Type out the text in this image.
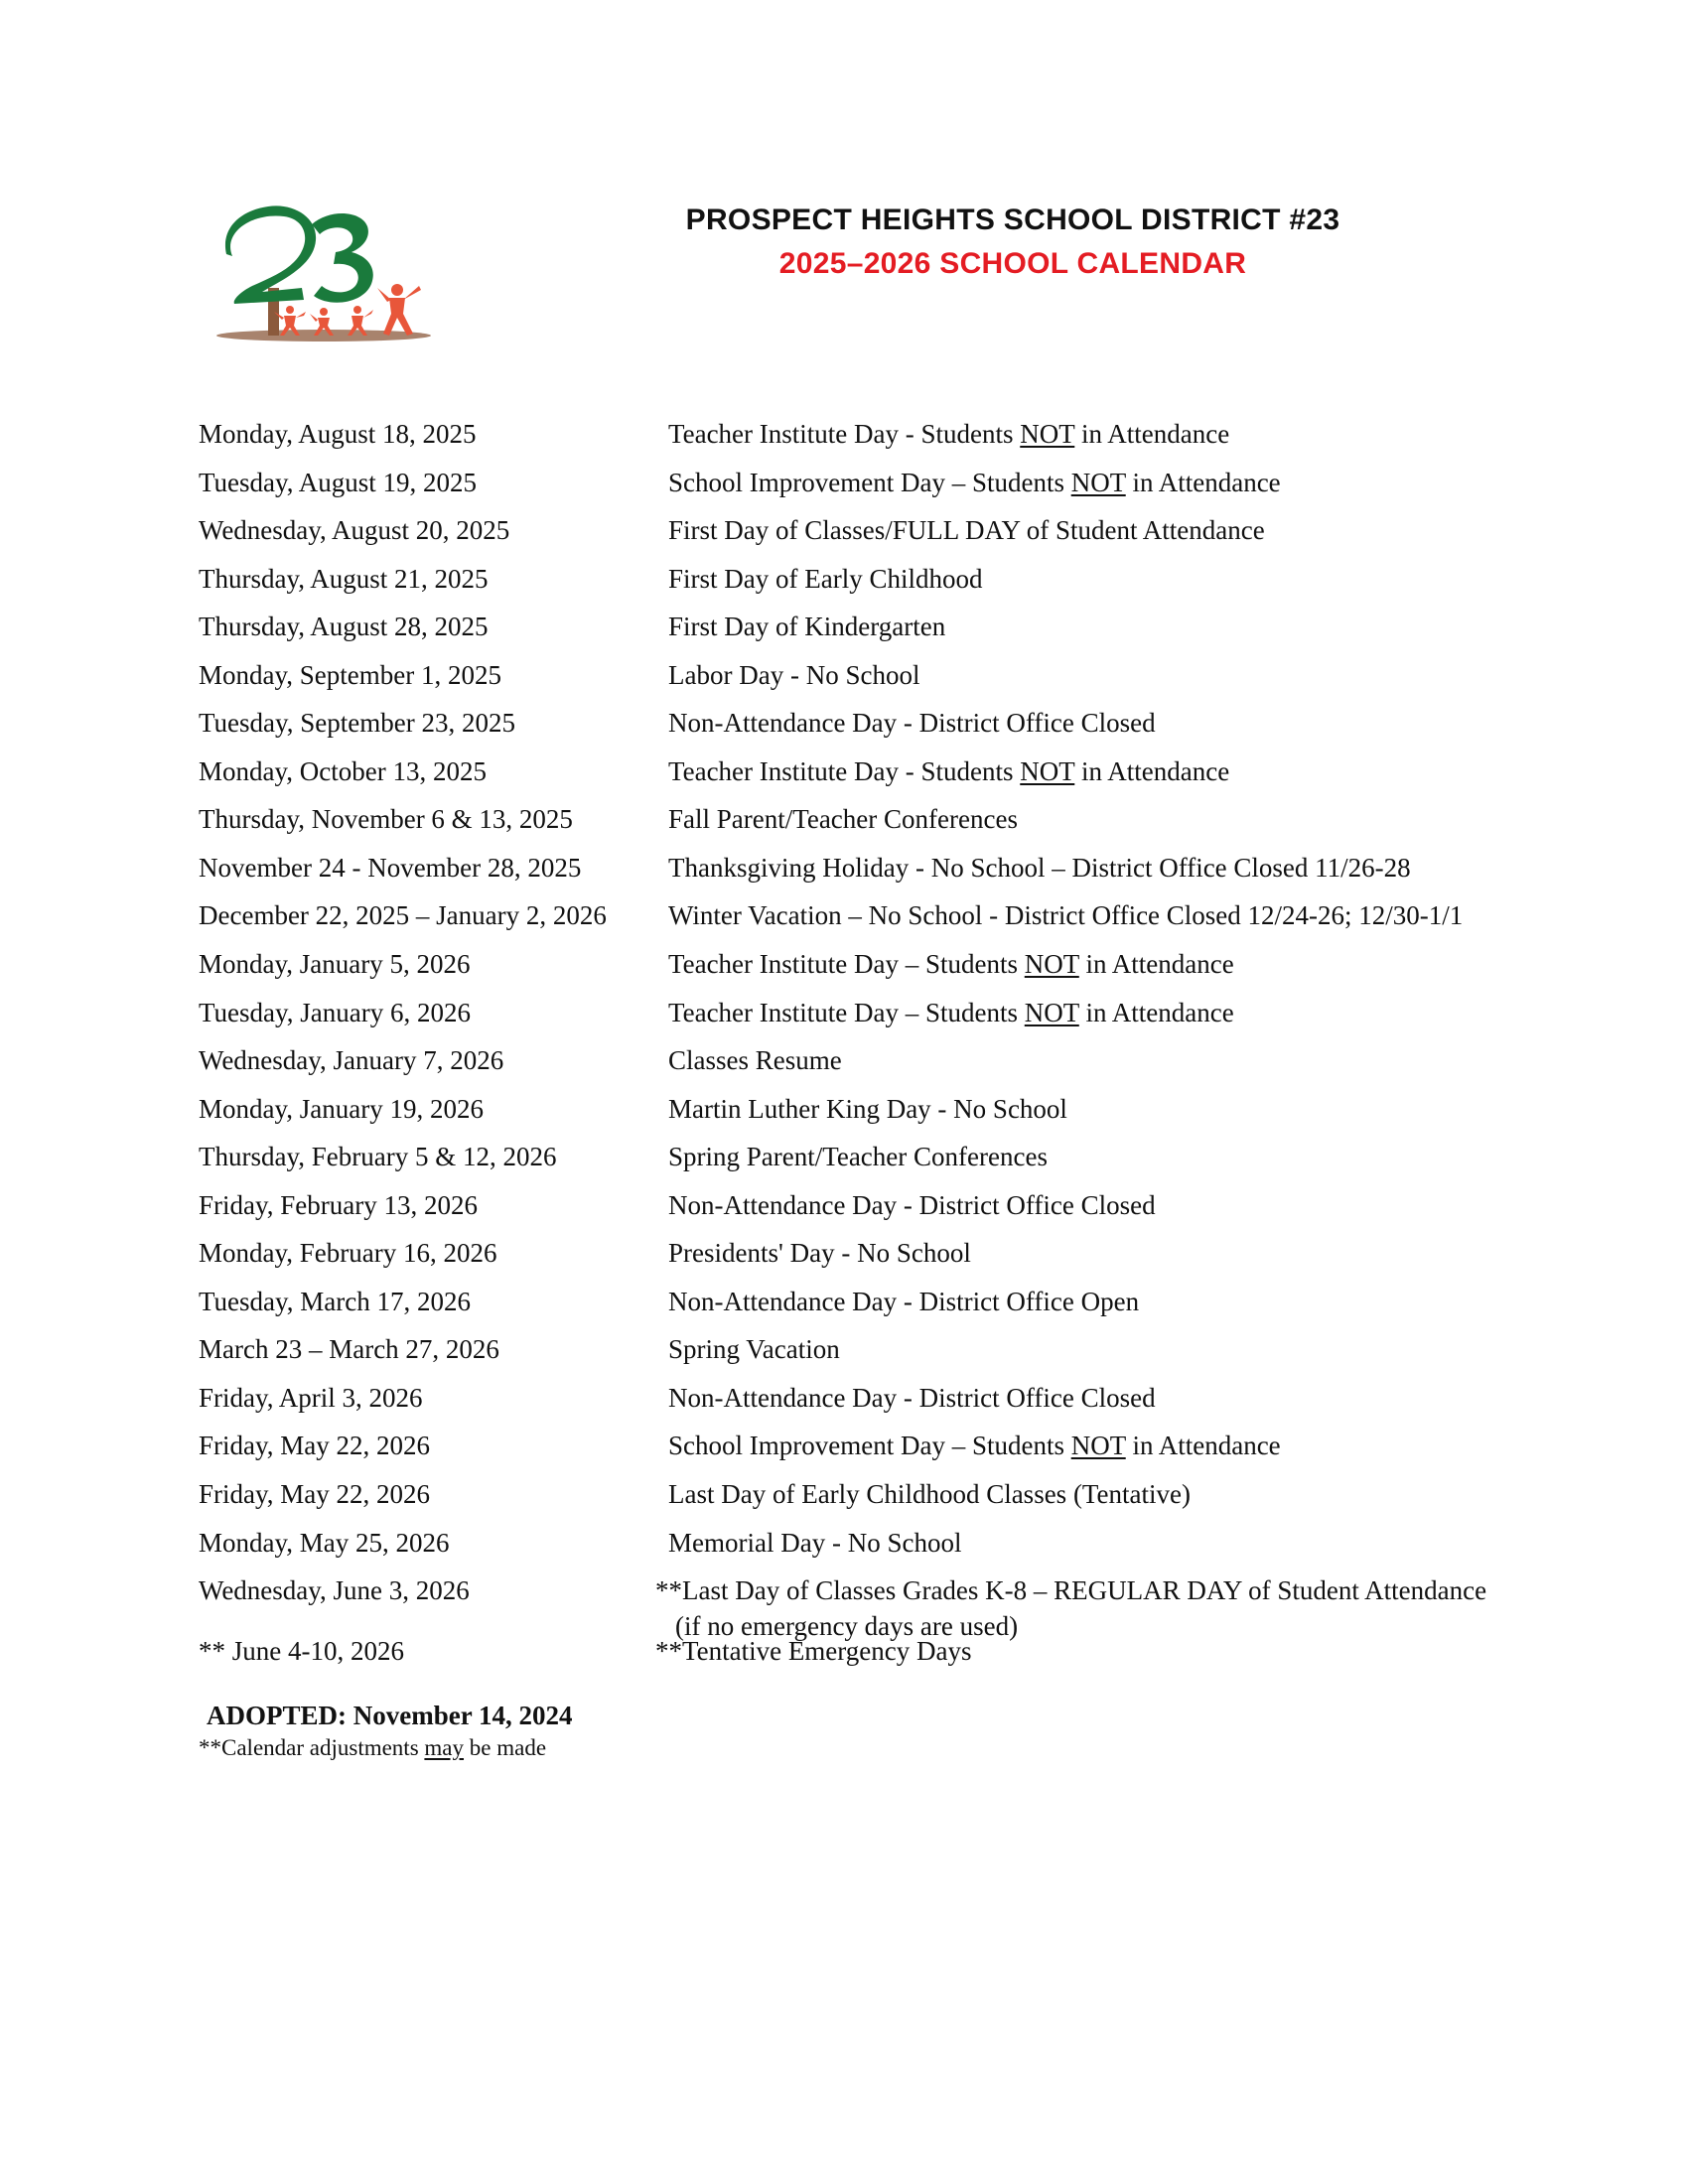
PROSPECT HEIGHTS SCHOOL DISTRICT #23
2025–2026 SCHOOL CALENDAR
Monday, August 18, 2025	Teacher Institute Day - Students NOT in Attendance
Tuesday, August 19, 2025	School Improvement Day – Students NOT in Attendance
Wednesday, August 20, 2025	First Day of Classes/FULL DAY of Student Attendance
Thursday, August 21, 2025	First Day of Early Childhood
Thursday, August 28, 2025	First Day of Kindergarten
Monday, September 1, 2025	Labor Day - No School
Tuesday, September 23, 2025	Non-Attendance Day - District Office Closed
Monday, October 13, 2025	Teacher Institute Day - Students NOT in Attendance
Thursday, November 6 & 13, 2025	Fall Parent/Teacher Conferences
November 24 - November 28, 2025	Thanksgiving Holiday - No School – District Office Closed 11/26-28
December 22, 2025 – January 2, 2026 Winter Vacation – No School - District Office Closed 12/24-26; 12/30-1/1
Monday, January 5, 2026	Teacher Institute Day – Students NOT in Attendance
Tuesday, January 6, 2026	Teacher Institute Day – Students NOT in Attendance
Wednesday, January 7, 2026	Classes Resume
Monday, January 19, 2026	Martin Luther King Day - No School
Thursday, February 5 & 12, 2026	Spring Parent/Teacher Conferences
Friday, February 13, 2026	Non-Attendance Day - District Office Closed
Monday, February 16, 2026	Presidents' Day - No School
Tuesday, March 17, 2026	Non-Attendance Day - District Office Open
March 23 – March 27, 2026	Spring Vacation
Friday, April 3, 2026	Non-Attendance Day - District Office Closed
Friday, May 22, 2026	School Improvement Day – Students NOT in Attendance
Friday, May 22, 2026	Last Day of Early Childhood Classes (Tentative)
Monday, May 25, 2026	Memorial Day - No School
Wednesday, June 3, 2026	**Last Day of Classes Grades K-8 – REGULAR DAY of Student Attendance
(if no emergency days are used)
** June 4-10, 2026	**Tentative Emergency Days
ADOPTED: November 14, 2024
**Calendar adjustments may be made
